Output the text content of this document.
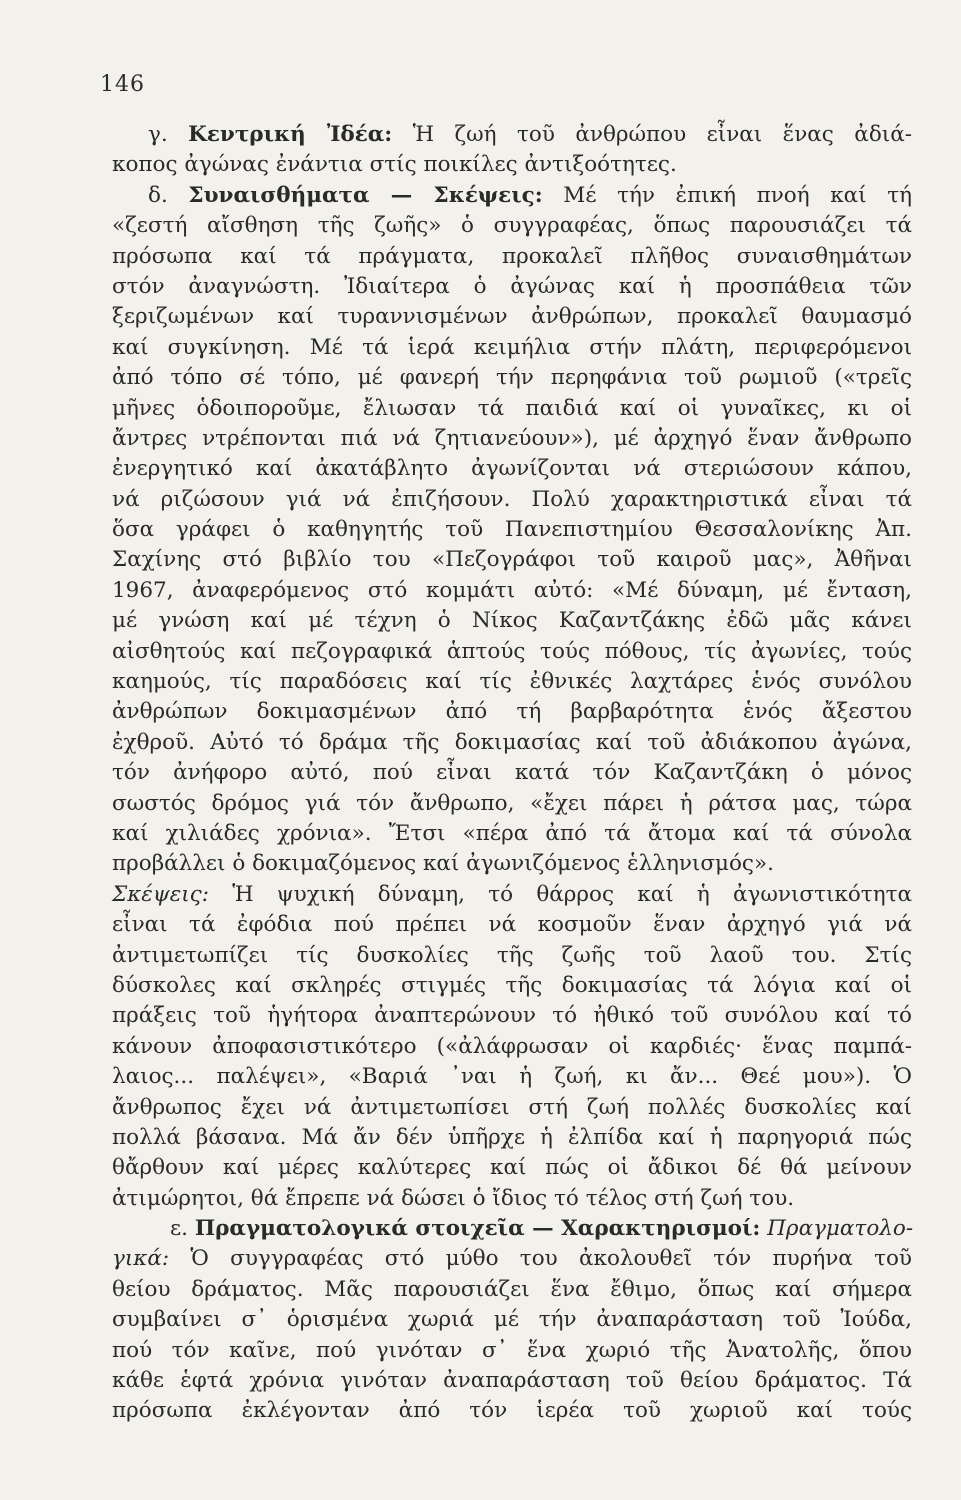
146
γ. Κεντρική Ἰδέα: Ἡ ζωή τοῦ ἀνθρώπου εἶναι ἕνας ἀδιά-
κοπος ἀγώνας ἐνάντια στίς ποικίλες ἀντιξοότητες.
δ. Συναισθήματα — Σκέψεις: Μέ τήν ἐπική πνοή καί τή
«ζεστή αἴσθηση τῆς ζωῆς» ὁ συγγραφέας, ὅπως παρουσιάζει τά
πρόσωπα καί τά πράγματα, προκαλεῖ πλῆθος συναισθημάτων
στόν ἀναγνώστη. Ἰδιαίτερα ὁ ἀγώνας καί ἡ προσπάθεια τῶν
ξεριζωμένων καί τυραννισμένων ἀνθρώπων, προκαλεῖ θαυμασμό
καί συγκίνηση. Μέ τά ἱερά κειμήλια στήν πλάτη, περιφερόμενοι
ἀπό τόπο σέ τόπο, μέ φανερή τήν περηφάνια τοῦ ρωμιοῦ («τρεῖς
μῆνες ὁδοιποροῦμε, ἔλιωσαν τά παιδιά καί οἱ γυναῖκες, κι οἱ
ἄντρες ντρέπονται πιά νά ζητιανεύουν»), μέ ἀρχηγό ἕναν ἄνθρωπο
ἐνεργητικό καί ἀκατάβλητο ἀγωνίζονται νά στεριώσουν κάπου,
νά ριζώσουν γιά νά ἐπιζήσουν. Πολύ χαρακτηριστικά εἶναι τά
ὅσα γράφει ὁ καθηγητής τοῦ Πανεπιστημίου Θεσσαλονίκης Ἀπ.
Σαχίνης στό βιβλίο του «Πεζογράφοι τοῦ καιροῦ μας», Ἀθῆναι
1967, ἀναφερόμενος στό κομμάτι αὐτό: «Μέ δύναμη, μέ ἔνταση,
μέ γνώση καί μέ τέχνη ὁ Νίκος Καζαντζάκης ἐδῶ μᾶς κάνει
αἰσθητούς καί πεζογραφικά ἁπτούς τούς πόθους, τίς ἀγωνίες, τούς
καημούς, τίς παραδόσεις καί τίς ἐθνικές λαχτάρες ἑνός συνόλου
ἀνθρώπων δοκιμασμένων ἀπό τή βαρβαρότητα ἑνός ἄξεστου
ἐχθροῦ. Αὐτό τό δράμα τῆς δοκιμασίας καί τοῦ ἀδιάκοπου ἀγώνα,
τόν ἀνήφορο αὐτό, πού εἶναι κατά τόν Καζαντζάκη ὁ μόνος
σωστός δρόμος γιά τόν ἄνθρωπο, «ἔχει πάρει ἡ ράτσα μας, τώρα
καί χιλιάδες χρόνια». Ἔτσι «πέρα ἀπό τά ἄτομα καί τά σύνολα
προβάλλει ὁ δοκιμαζόμενος καί ἀγωνιζόμενος ἑλληνισμός».
Σκέψεις: Ἡ ψυχική δύναμη, τό θάρρος καί ἡ ἀγωνιστικότητα
εἶναι τά ἐφόδια πού πρέπει νά κοσμοῦν ἕναν ἀρχηγό γιά νά
ἀντιμετωπίζει τίς δυσκολίες τῆς ζωῆς τοῦ λαοῦ του. Στίς
δύσκολες καί σκληρές στιγμές τῆς δοκιμασίας τά λόγια καί οἱ
πράξεις τοῦ ἡγήτορα ἀναπτερώνουν τό ἠθικό τοῦ συνόλου καί τό
κάνουν ἀποφασιστικότερο («ἀλάφρωσαν οἱ καρδιές· ἕνας παμπά-
λαιος... παλέψει», «Βαριά ᾽ναι ἡ ζωή, κι ἄν... Θεέ μου»). Ὁ
ἄνθρωπος ἔχει νά ἀντιμετωπίσει στή ζωή πολλές δυσκολίες καί
πολλά βάσανα. Μά ἄν δέν ὑπῆρχε ἡ ἐλπίδα καί ἡ παρηγοριά πώς
θἄρθουν καί μέρες καλύτερες καί πώς οἱ ἄδικοι δέ θά μείνουν
ἀτιμώρητοι, θά ἔπρεπε νά δώσει ὁ ἴδιος τό τέλος στή ζωή του.
ε. Πραγματολογικά στοιχεῖα — Χαρακτηρισμοί: Πραγματολο-
γικά: Ὁ συγγραφέας στό μύθο του ἀκολουθεῖ τόν πυρήνα τοῦ
θείου δράματος. Μᾶς παρουσιάζει ἕνα ἔθιμο, ὅπως καί σήμερα
συμβαίνει σ᾽ ὁρισμένα χωριά μέ τήν ἀναπαράσταση τοῦ Ἰούδα,
πού τόν καῖνε, πού γινόταν σ᾽ ἕνα χωριό τῆς Ἀνατολῆς, ὅπου
κάθε ἑφτά χρόνια γινόταν ἀναπαράσταση τοῦ θείου δράματος. Τά
πρόσωπα ἐκλέγονταν ἀπό τόν ἱερέα τοῦ χωριοῦ καί τούς
